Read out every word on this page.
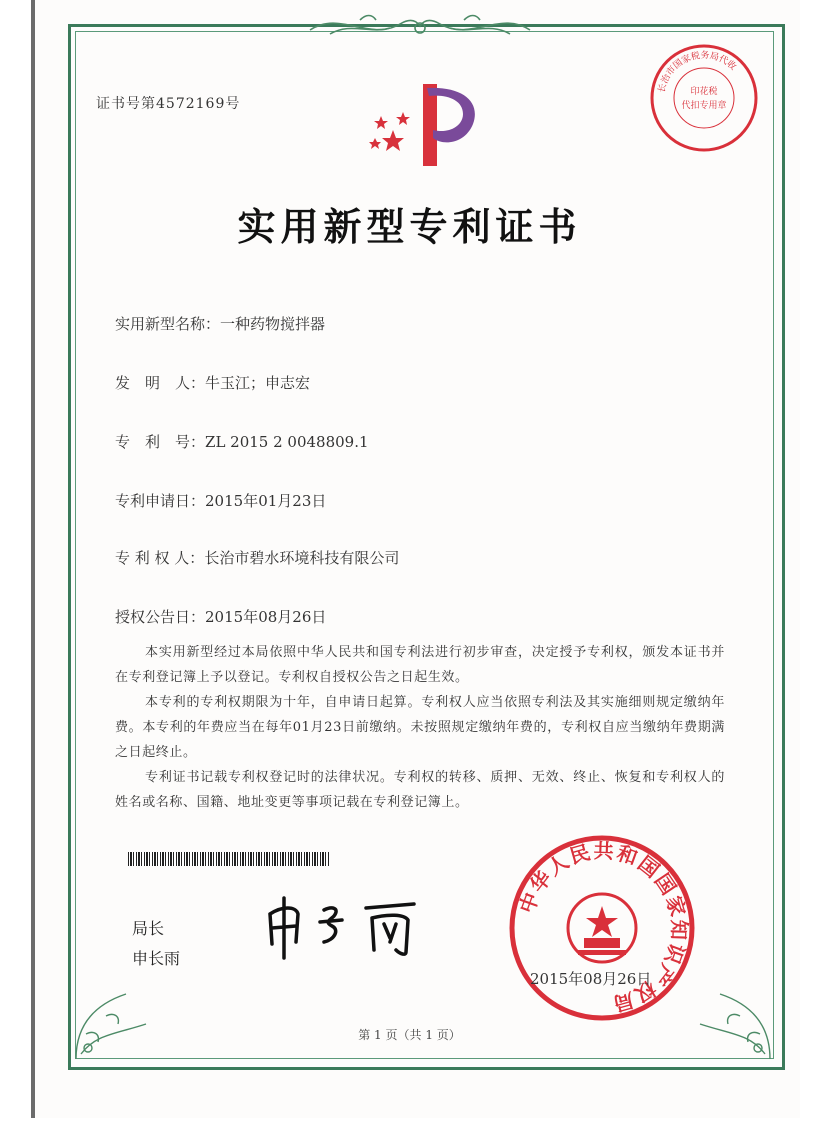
证书号第4572169号
长治市国家税务局代收
印花税
代扣专用章
实用新型专利证书
实用新型名称：一种药物搅拌器
发　明　人：牛玉江；申志宏
专　利　号：ZL 2015 2 0048809.1
专利申请日：2015年01月23日
专 利 权 人：长治市碧水环境科技有限公司
授权公告日：2015年08月26日

本实用新型经过本局依照中华人民共和国专利法进行初步审查，决定授予专利权，颁发本证书并在专利登记簿上予以登记。专利权自授权公告之日起生效。

本专利的专利权期限为十年，自申请日起算。专利权人应当依照专利法及其实施细则规定缴纳年费。本专利的年费应当在每年01月23日前缴纳。未按照规定缴纳年费的，专利权自应当缴纳年费期满之日起终止。

专利证书记载专利权登记时的法律状况。专利权的转移、质押、无效、终止、恢复和专利权人的姓名或名称、国籍、地址变更等事项记载在专利登记簿上。

局长
申长雨
中华人民共和国国家知识产权局
2015年08月26日
第 1 页（共 1 页）
